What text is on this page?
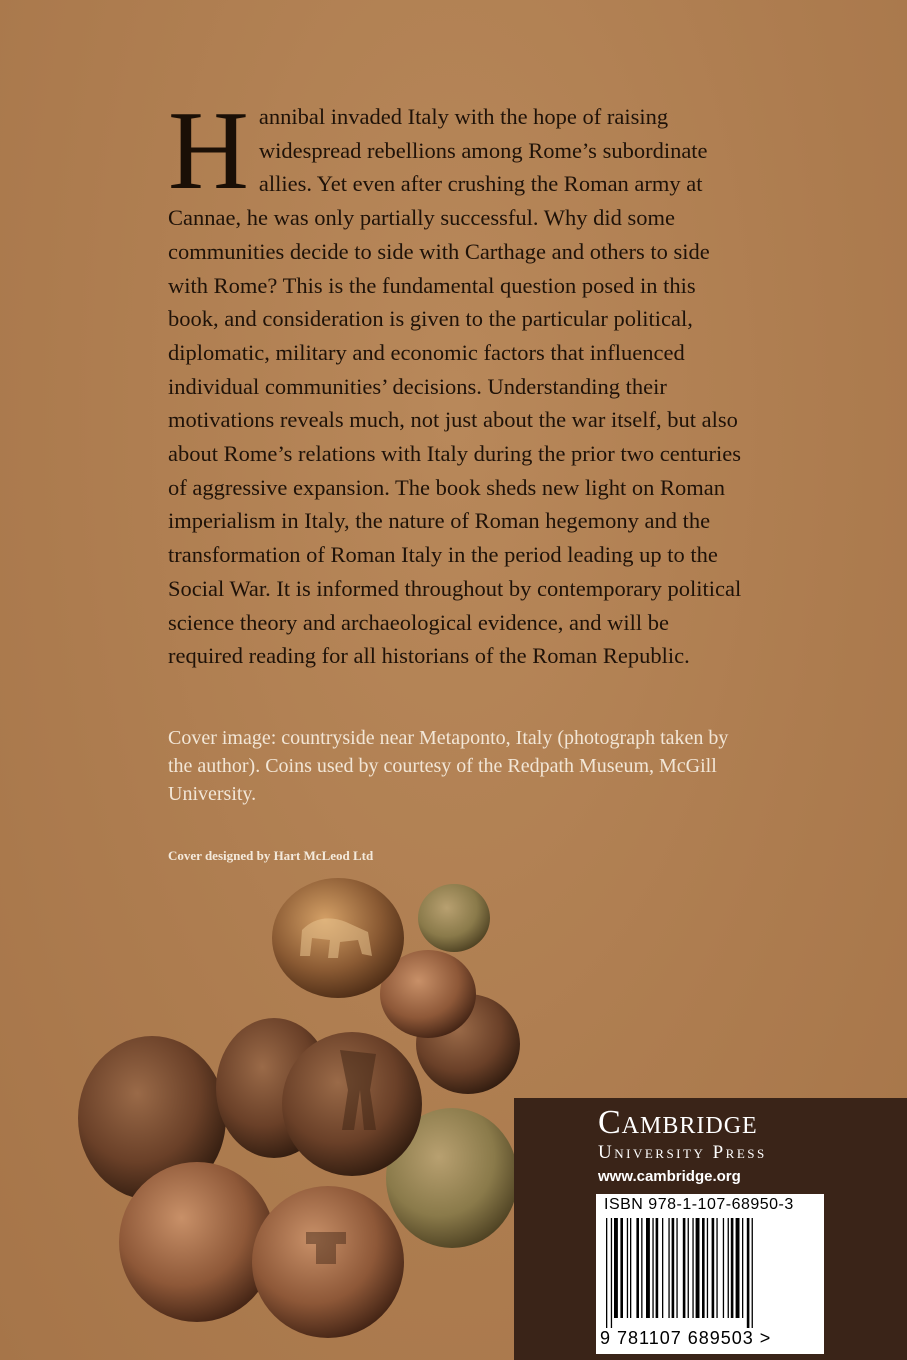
Hannibal invaded Italy with the hope of raising widespread rebellions among Rome’s subordinate allies. Yet even after crushing the Roman army at Cannae, he was only partially successful. Why did some communities decide to side with Carthage and others to side with Rome? This is the fundamental question posed in this book, and consideration is given to the particular political, diplomatic, military and economic factors that influenced individual communities’ decisions. Understanding their motivations reveals much, not just about the war itself, but also about Rome’s relations with Italy during the prior two centuries of aggressive expansion. The book sheds new light on Roman imperialism in Italy, the nature of Roman hegemony and the transformation of Roman Italy in the period leading up to the Social War. It is informed throughout by contemporary political science theory and archaeological evidence, and will be required reading for all historians of the Roman Republic.
Cover image: countryside near Metaponto, Italy (photograph taken by the author). Coins used by courtesy of the Redpath Museum, McGill University.
Cover designed by Hart McLeod Ltd
Cambridge
University Press
www.cambridge.org
ISBN 978-1-107-68950-3
9 781107 689503 >
